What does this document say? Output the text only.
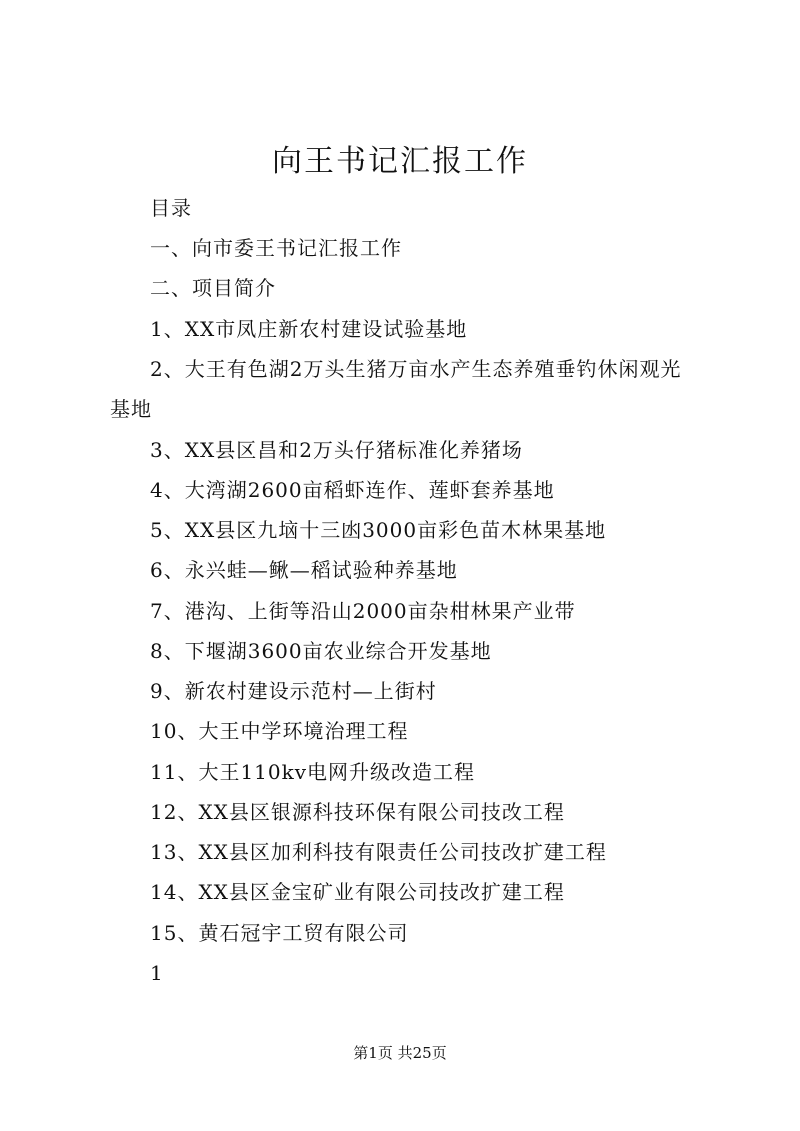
向王书记汇报工作
目录
一、向市委王书记汇报工作
二、项目简介
1、XX市凤庄新农村建设试验基地
2、大王有色湖2万头生猪万亩水产生态养殖垂钓休闲观光
基地
3、XX县区昌和2万头仔猪标准化养猪场
4、大湾湖2600亩稻虾连作、莲虾套养基地
5、XX县区九垴十三凼3000亩彩色苗木林果基地
6、永兴蛙—鳅—稻试验种养基地
7、港沟、上街等沿山2000亩杂柑林果产业带
8、下堰湖3600亩农业综合开发基地
9、新农村建设示范村—上街村
10、大王中学环境治理工程
11、大王110kv电网升级改造工程
12、XX县区银源科技环保有限公司技改工程
13、XX县区加利科技有限责任公司技改扩建工程
14、XX县区金宝矿业有限公司技改扩建工程
15、黄石冠宇工贸有限公司
1
第1页 共25页
